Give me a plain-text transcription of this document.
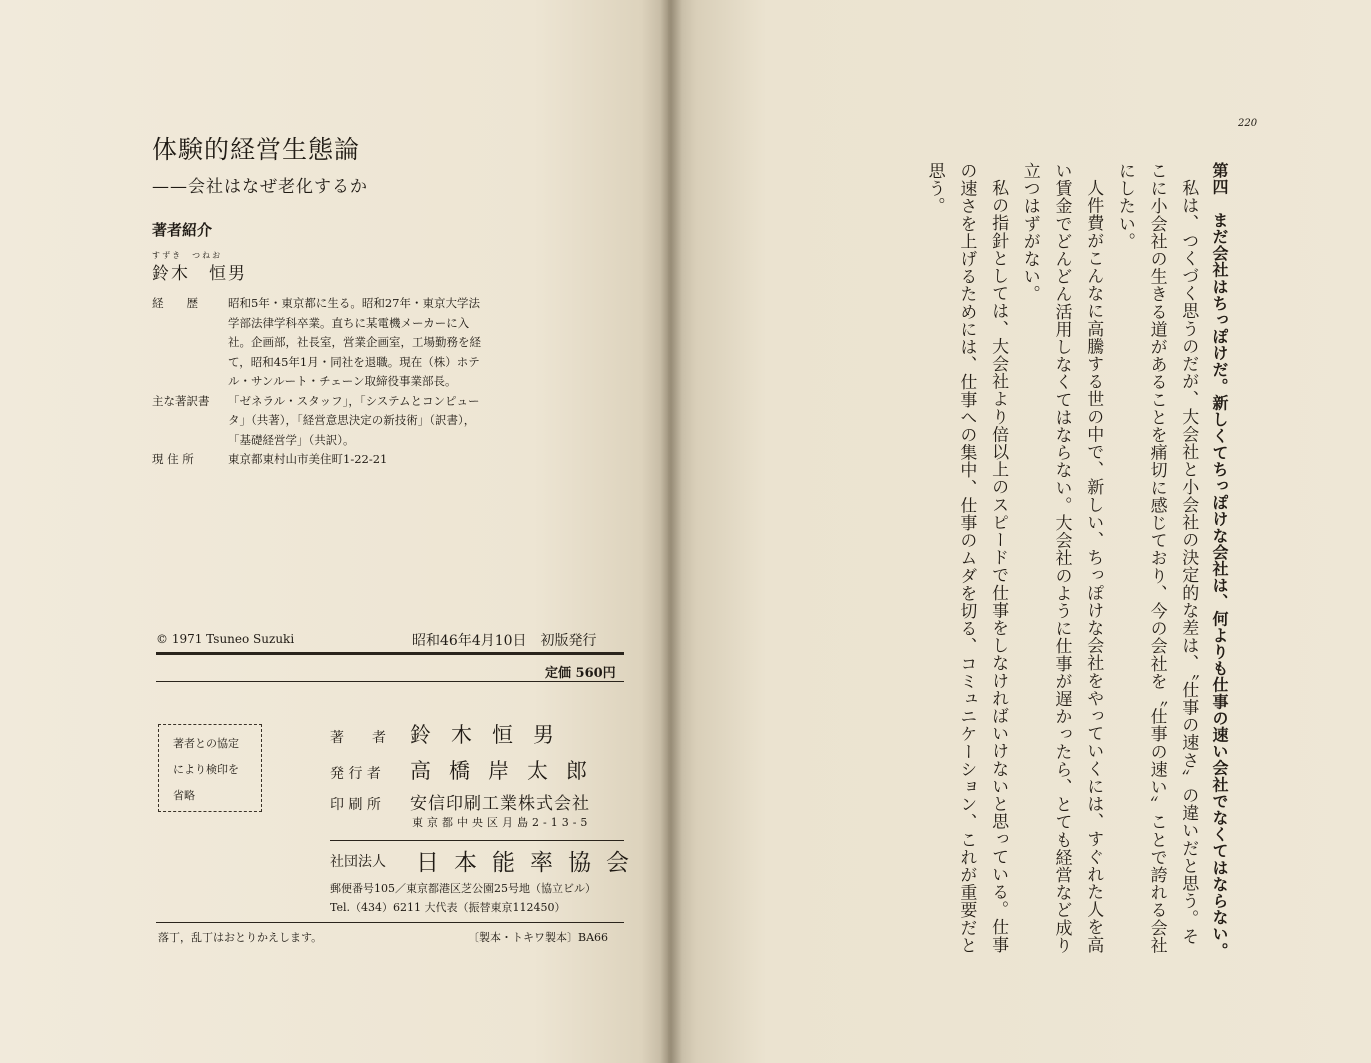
体験的経営生態論
——会社はなぜ老化するか
著者紹介
すずき　つねお
鈴木　恒男
経　　歴	昭和5年・東京都に生る。昭和27年・東京大学法学部法律学科卒業。直ちに某電機メーカーに入社。企画部，社長室，営業企画室，工場勤務を経て，昭和45年1月・同社を退職。現在（株）ホテル・サンルート・チェーン取締役事業部長。
主な著訳書	「ゼネラル・スタッフ」，「システムとコンピュータ」（共著），「経営意思決定の新技術」（訳書），「基礎経営学」（共訳）。
現 住 所	東京都東村山市美住町1-22-21
© 1971 Tsuneo Suzuki	昭和46年4月10日　初版発行
定価 560円
著者との協定
により検印を
省略
著　　者	鈴木恒男
発 行 者	高橋岸太郎
印 刷 所	安信印刷工業株式会社
東京都中央区月島2-13-5
社団法人 日本能率協会
郵便番号105／東京都港区芝公園25号地（協立ビル）
Tel.（434）6211 大代表（振替東京112450）
落丁，乱丁はおとりかえします。	〔製本・トキワ製本〕BA66
220

第四　まだ会社はちっぽけだ。新しくてちっぽけな会社は、何よりも仕事の速い会社でなくてはならない。

私は、つくづく思うのだが、大会社と小会社の決定的な差は、〝仕事の速さ〟の違いだと思う。そこに小会社の生きる道があることを痛切に感じており、今の会社を〝仕事の速い〟ことで誇れる会社にしたい。

人件費がこんなに高騰する世の中で、新しい、ちっぽけな会社をやっていくには、すぐれた人を高い賃金でどんどん活用しなくてはならない。大会社のように仕事が遅かったら、とても経営など成り立つはずがない。

私の指針としては、大会社より倍以上のスピードで仕事をしなければいけないと思っている。仕事の速さを上げるためには、仕事への集中、仕事のムダを切る、コミュニケーション、これが重要だと思う。
